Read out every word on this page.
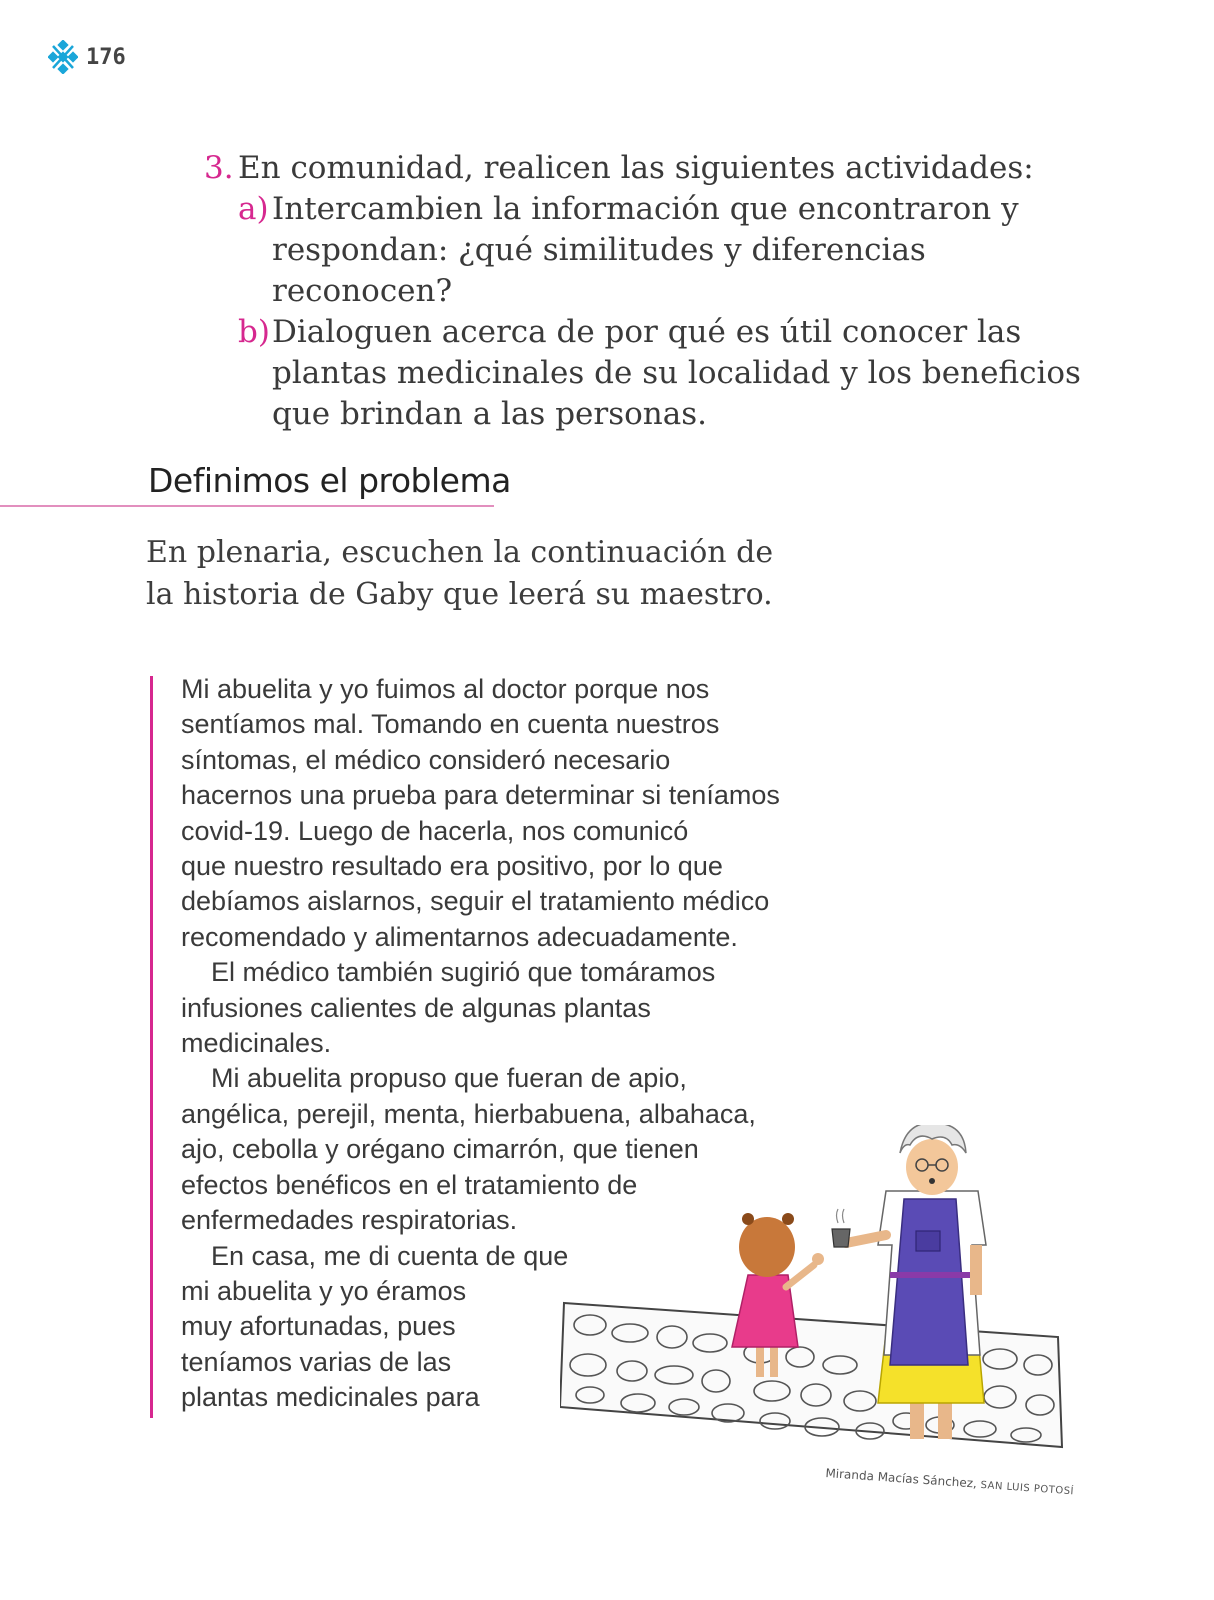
176
3. En comunidad, realicen las siguientes actividades:
a) Intercambien la información que encontraron y
respondan: ¿qué similitudes y diferencias reconocen?
b) Dialoguen acerca de por qué es útil conocer las
plantas medicinales de su localidad y los beneficios
que brindan a las personas.
Definimos el problema
En plenaria, escuchen la continuación de
la historia de Gaby que leerá su maestro.

Mi abuelita y yo fuimos al doctor porque nos
sentíamos mal. Tomando en cuenta nuestros
síntomas, el médico consideró necesario
hacernos una prueba para determinar si teníamos
covid-19. Luego de hacerla, nos comunicó
que nuestro resultado era positivo, por lo que
debíamos aislarnos, seguir el tratamiento médico
recomendado y alimentarnos adecuadamente.

El médico también sugirió que tomáramos
infusiones calientes de algunas plantas
medicinales.

Mi abuelita propuso que fueran de apio,
angélica, perejil, menta, hierbabuena, albahaca,
ajo, cebolla y orégano cimarrón, que tienen
efectos benéficos en el tratamiento de
enfermedades respiratorias.

En casa, me di cuenta de que
mi abuelita y yo éramos
muy afortunadas, pues
teníamos varias de las
plantas medicinales para

Miranda Macías Sánchez, SAN LUIS POTOSÍ
